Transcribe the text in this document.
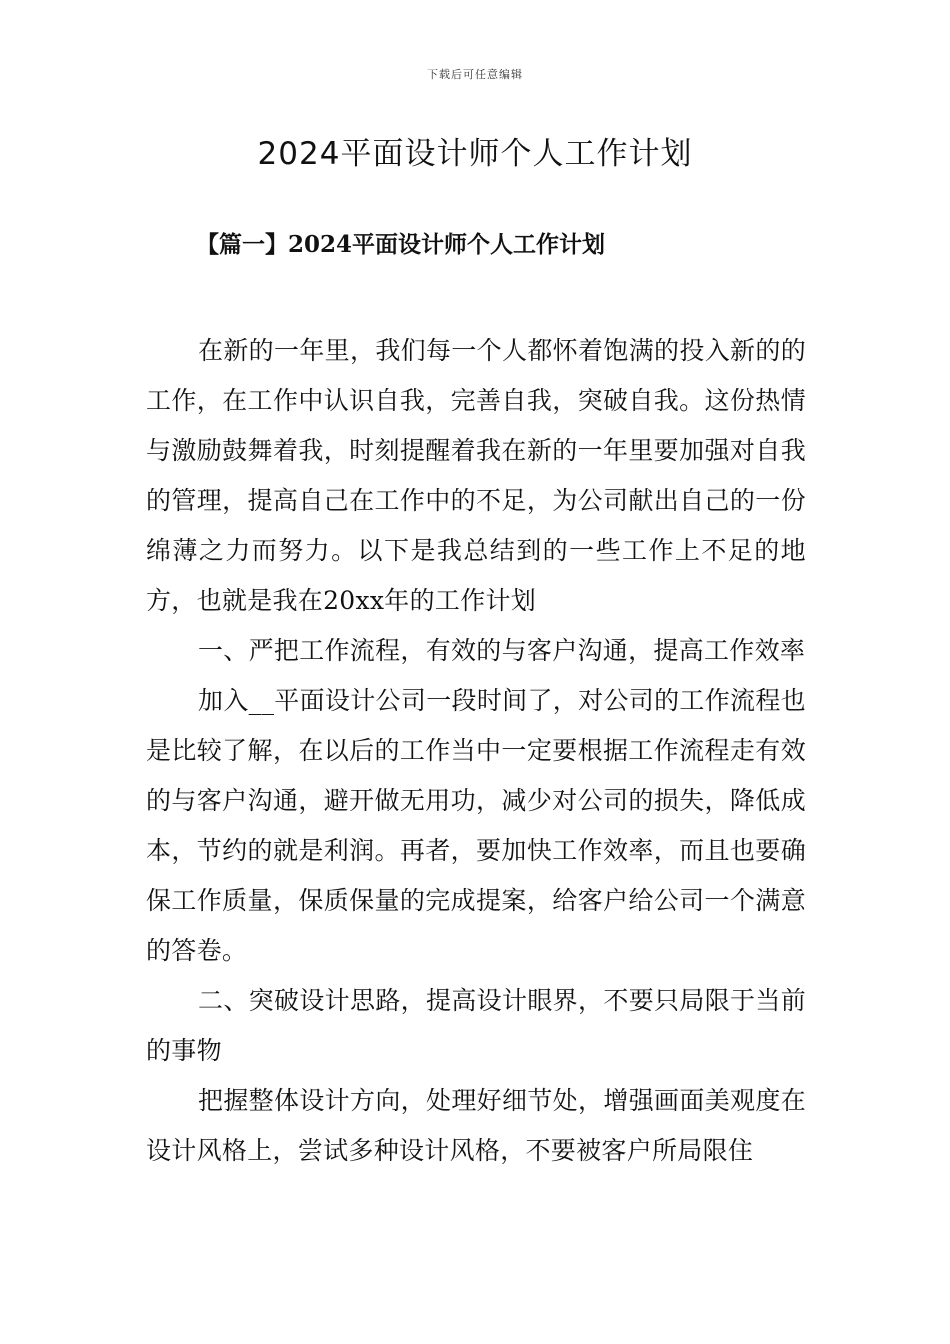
下载后可任意编辑
2024平面设计师个人工作计划
【篇一】2024平面设计师个人工作计划

在新的一年里，我们每一个人都怀着饱满的投入新的的工作，在工作中认识自我，完善自我，突破自我。这份热情与激励鼓舞着我，时刻提醒着我在新的一年里要加强对自我的管理，提高自己在工作中的不足，为公司献出自己的一份绵薄之力而努力。以下是我总结到的一些工作上不足的地方，也就是我在20xx年的工作计划

一、严把工作流程，有效的与客户沟通，提高工作效率

加入__平面设计公司一段时间了，对公司的工作流程也是比较了解，在以后的工作当中一定要根据工作流程走有效的与客户沟通，避开做无用功，减少对公司的损失，降低成本，节约的就是利润。再者，要加快工作效率，而且也要确保工作质量，保质保量的完成提案，给客户给公司一个满意的答卷。

二、突破设计思路，提高设计眼界，不要只局限于当前的事物

把握整体设计方向，处理好细节处，增强画面美观度在设计风格上，尝试多种设计风格，不要被客户所局限住
